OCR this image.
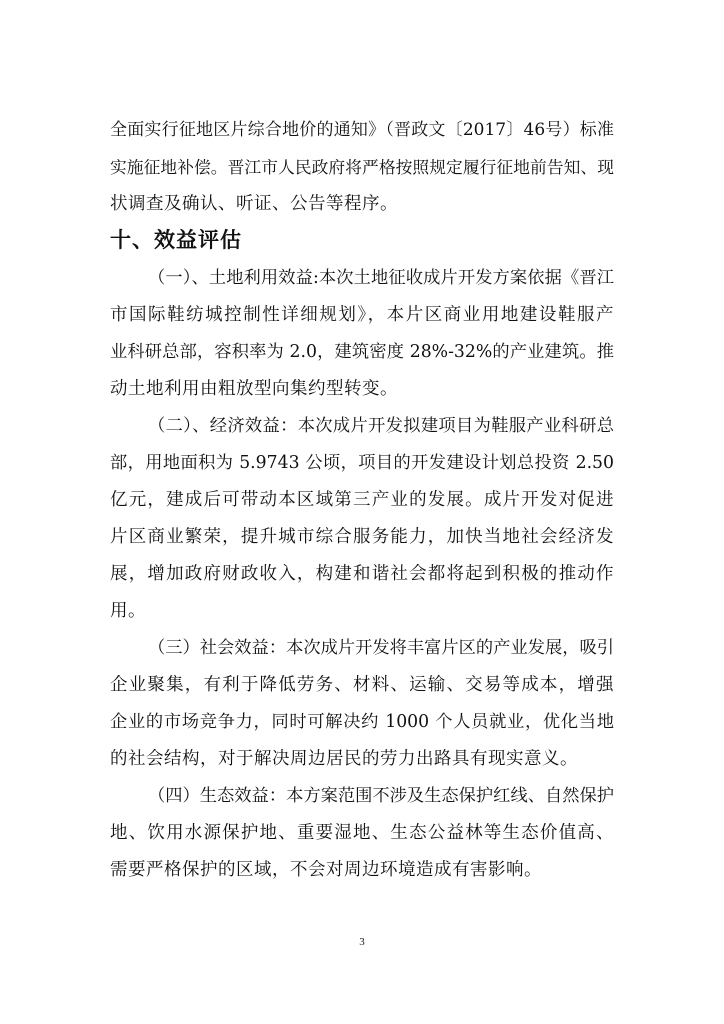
全面实行征地区片综合地价的通知》（晋政文〔2017〕46号）标准
实施征地补偿。晋江市人民政府将严格按照规定履行征地前告知、现
状调查及确认、听证、公告等程序。
十、效益评估
（一）、土地利用效益:本次土地征收成片开发方案依据《晋江
市国际鞋纺城控制性详细规划》，本片区商业用地建设鞋服产
业科研总部，容积率为 2.0，建筑密度 28%-32%的产业建筑。推
动土地利用由粗放型向集约型转变。
（二）、经济效益：本次成片开发拟建项目为鞋服产业科研总
部，用地面积为 5.9743 公顷，项目的开发建设计划总投资 2.50
亿元，建成后可带动本区域第三产业的发展。成片开发对促进
片区商业繁荣，提升城市综合服务能力，加快当地社会经济发
展，增加政府财政收入，构建和谐社会都将起到积极的推动作
用。
（三）社会效益：本次成片开发将丰富片区的产业发展，吸引
企业聚集，有利于降低劳务、材料、运输、交易等成本，增强
企业的市场竞争力，同时可解决约 1000 个人员就业，优化当地
的社会结构，对于解决周边居民的劳力出路具有现实意义。
（四）生态效益：本方案范围不涉及生态保护红线、自然保护
地、饮用水源保护地、重要湿地、生态公益林等生态价值高、
需要严格保护的区域，不会对周边环境造成有害影响。
3
